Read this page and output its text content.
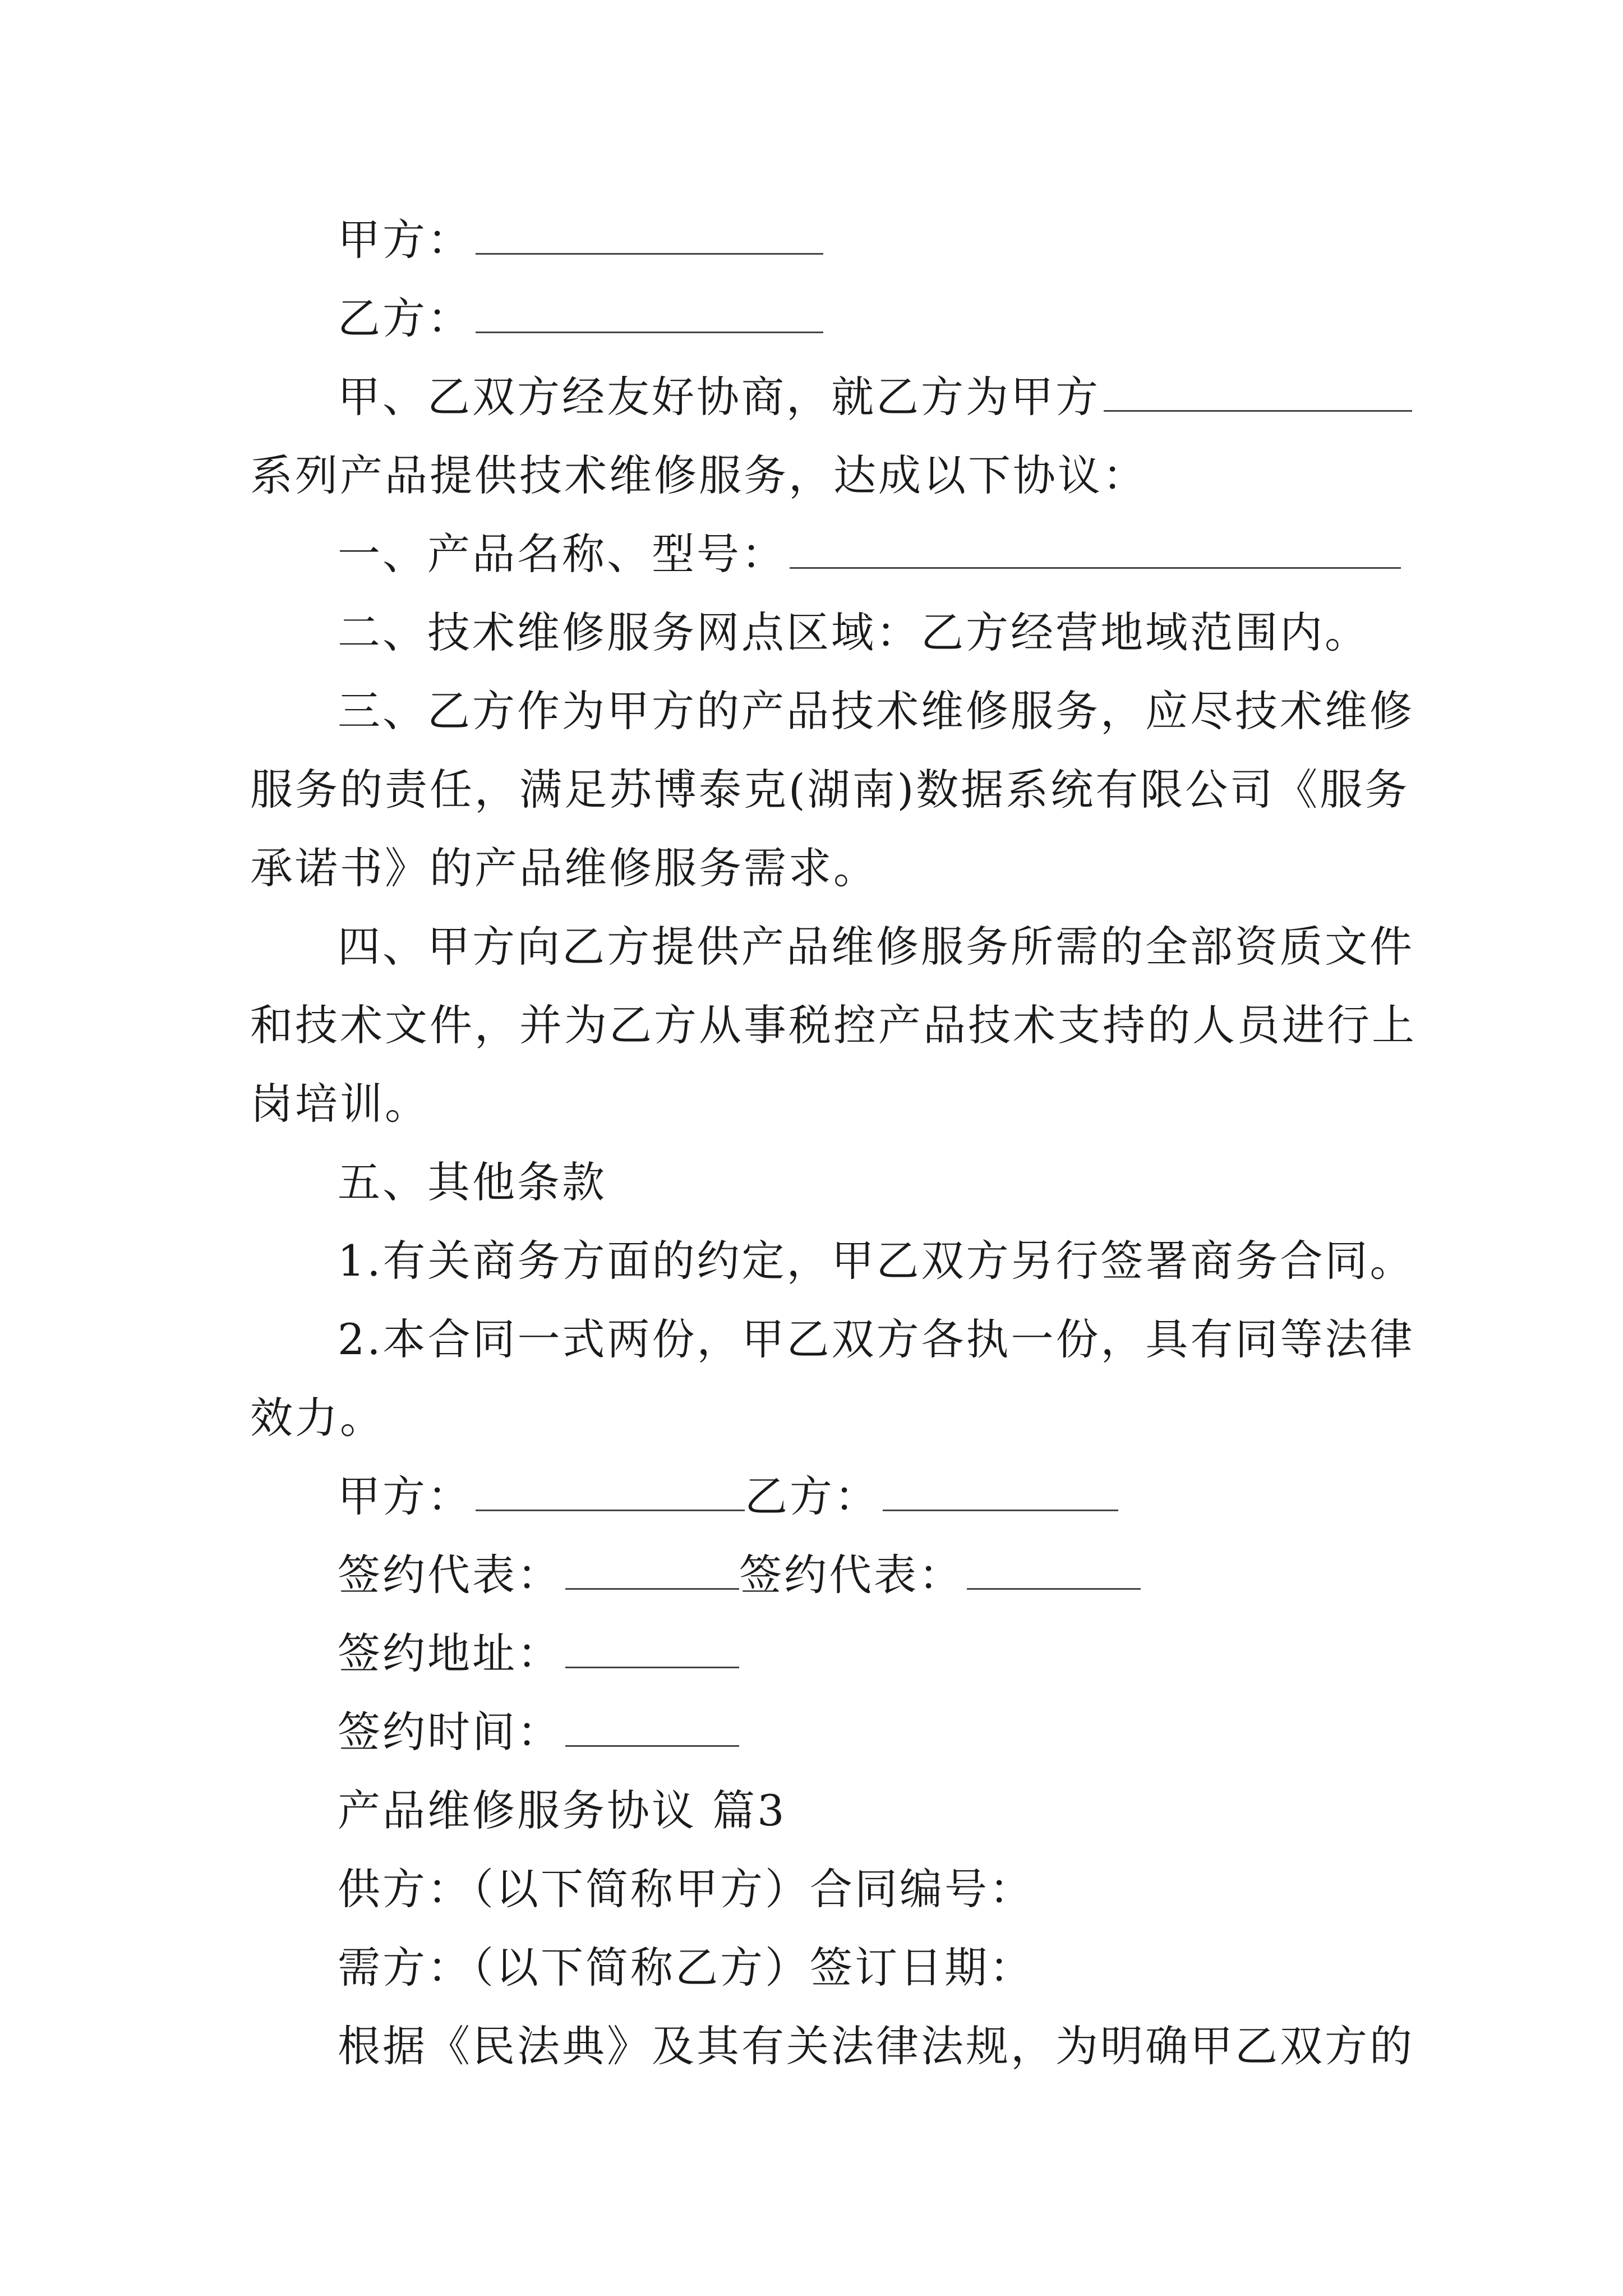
甲方：
乙方：
甲、乙双方经友好协商，就乙方为甲方
系列产品提供技术维修服务，达成以下协议：
一、产品名称、型号：
二、技术维修服务网点区域：乙方经营地域范围内。
三、乙方作为甲方的产品技术维修服务，应尽技术维修
服务的责任，满足苏博泰克(湖南)数据系统有限公司《服务
承诺书》的产品维修服务需求。
四、甲方向乙方提供产品维修服务所需的全部资质文件
和技术文件，并为乙方从事税控产品技术支持的人员进行上
岗培训。
五、其他条款
1.有关商务方面的约定，甲乙双方另行签署商务合同。
2.本合同一式两份，甲乙双方各执一份，具有同等法律
效力。
甲方：	乙方：
签约代表：	签约代表：
签约地址：
签约时间：
产品维修服务协议 篇3
供方：（以下简称甲方）合同编号：
需方：（以下简称乙方）签订日期：
根据《民法典》及其有关法律法规，为明确甲乙双方的
